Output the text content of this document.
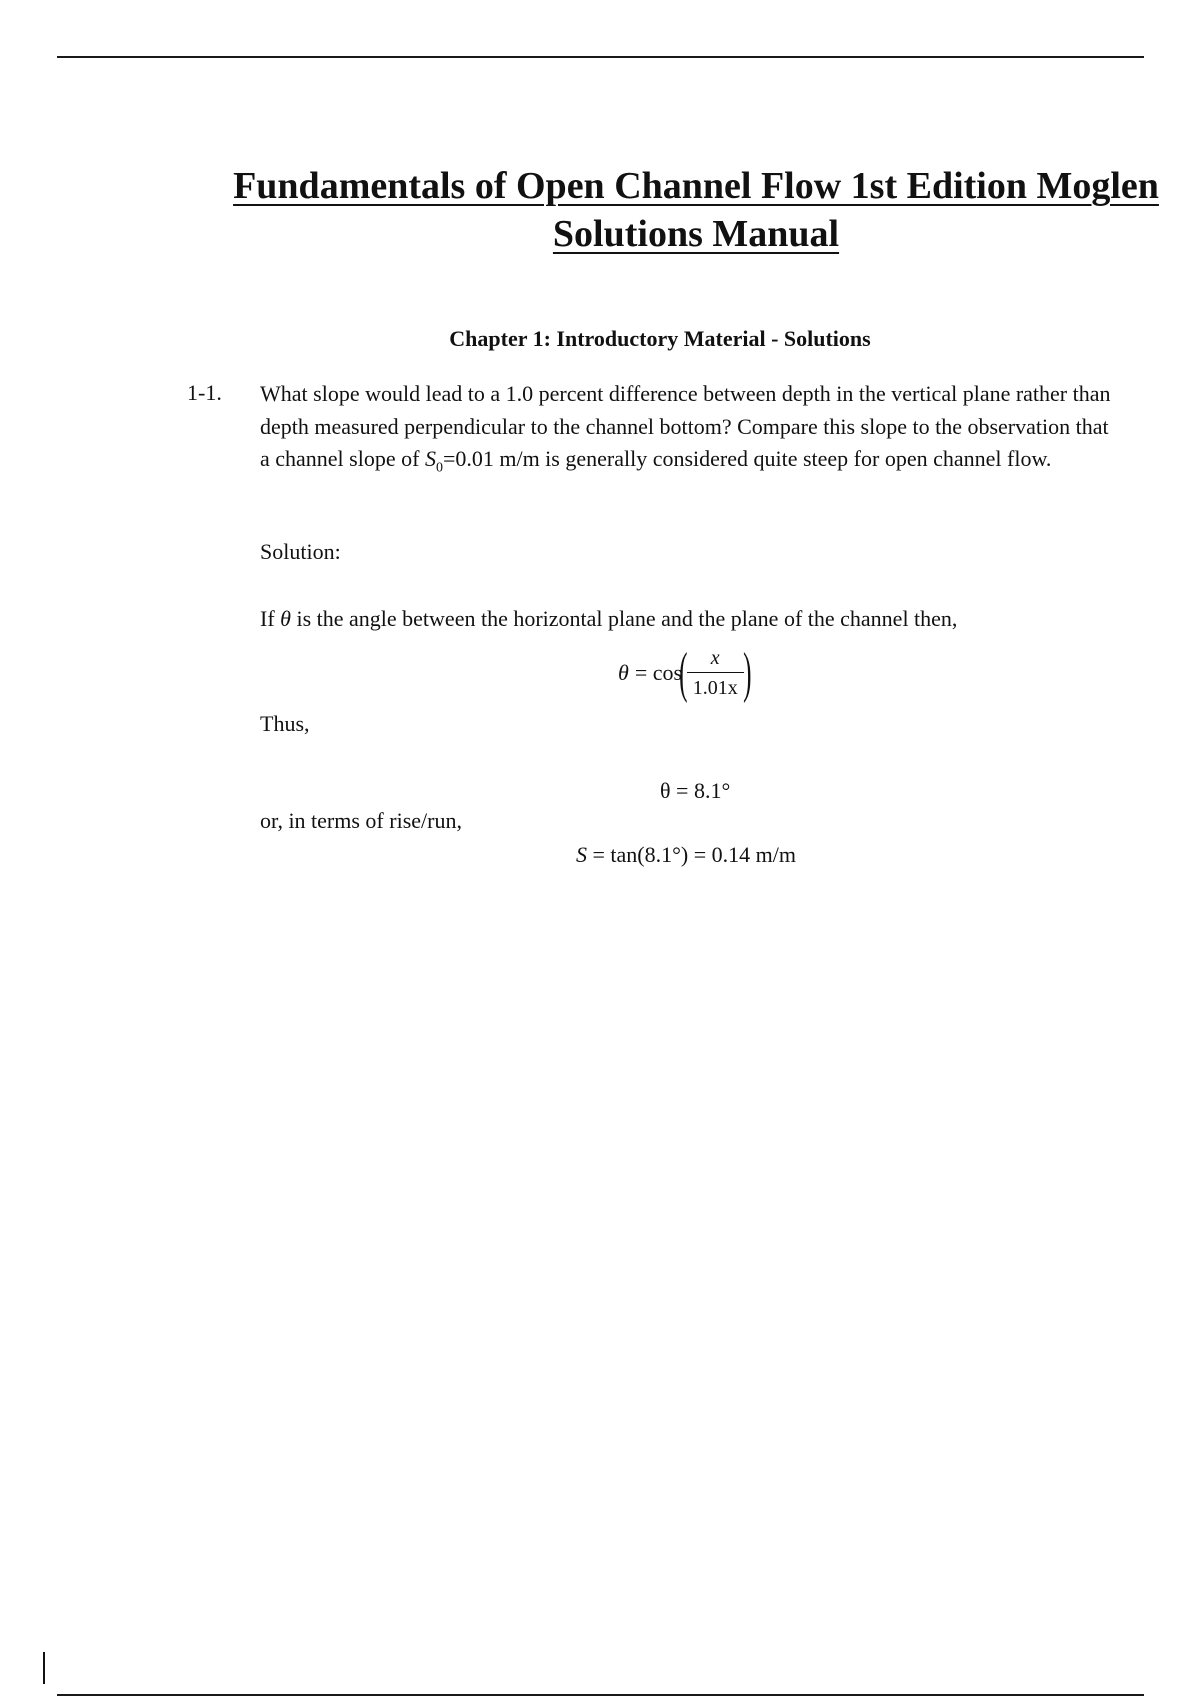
Fundamentals of Open Channel Flow 1st Edition Moglen
Solutions Manual
Chapter 1: Introductory Material - Solutions
1-1. What slope would lead to a 1.0 percent difference between depth in the vertical plane rather than depth measured perpendicular to the channel bottom? Compare this slope to the observation that a channel slope of $S_0=0.01$ m/m is generally considered quite steep for open channel flow.
Solution:
If θ is the angle between the horizontal plane and the plane of the channel then,
θ = cos
( $\frac{x}{1.01x}$ )
Thus,
θ = 8.1°
or, in terms of rise/run,
S = tan(8.1°) = 0.14 m/m
